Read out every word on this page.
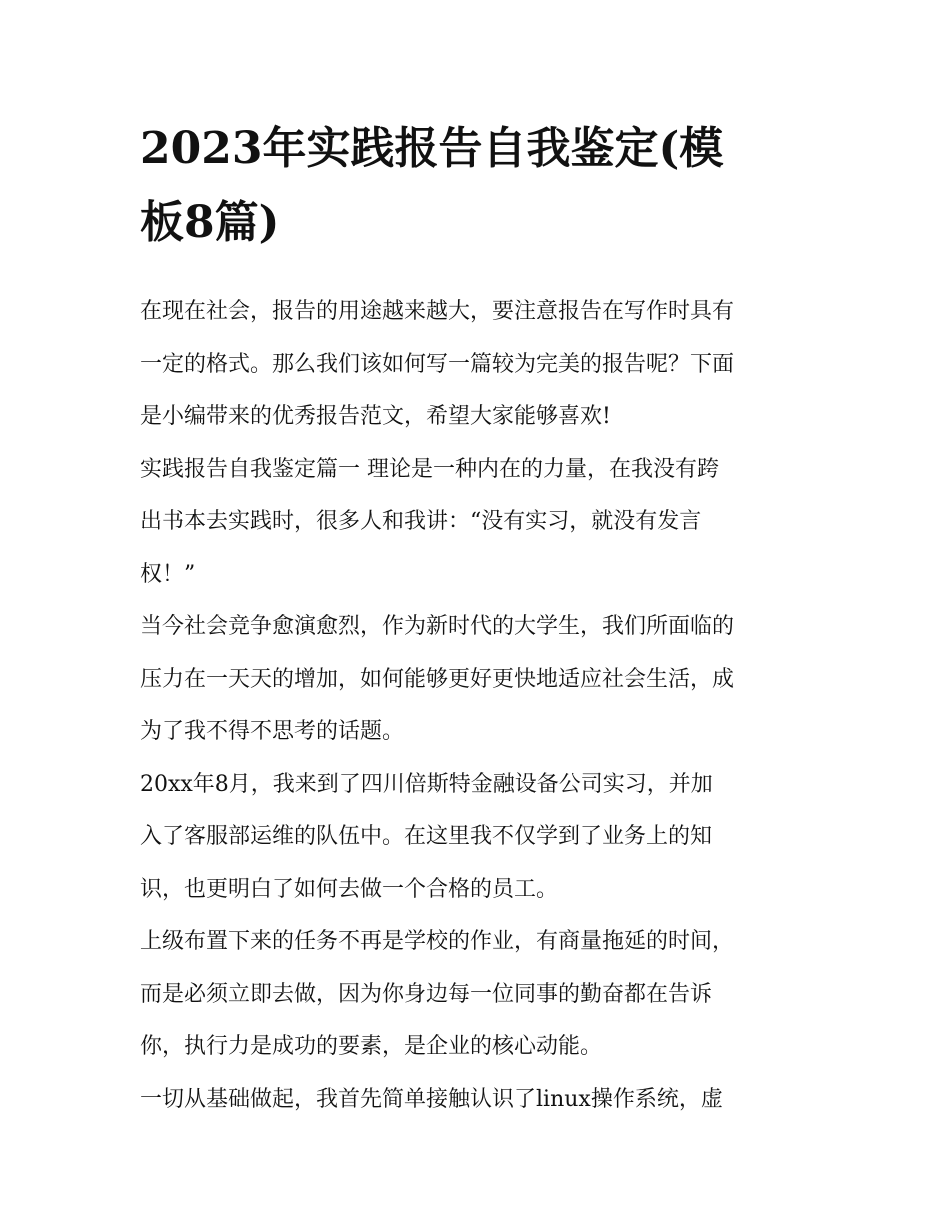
2023年实践报告自我鉴定(模
板8篇)

在现在社会，报告的用途越来越大，要注意报告在写作时具有
一定的格式。那么我们该如何写一篇较为完美的报告呢？下面
是小编带来的优秀报告范文，希望大家能够喜欢!

实践报告自我鉴定篇一 理论是一种内在的力量，在我没有跨
出书本去实践时，很多人和我讲：“没有实习，就没有发言
权！”

当今社会竞争愈演愈烈，作为新时代的大学生，我们所面临的
压力在一天天的增加，如何能够更好更快地适应社会生活，成
为了我不得不思考的话题。

20xx年8月，我来到了四川倍斯特金融设备公司实习，并加
入了客服部运维的队伍中。在这里我不仅学到了业务上的知
识，也更明白了如何去做一个合格的员工。

上级布置下来的任务不再是学校的作业，有商量拖延的时间，
而是必须立即去做，因为你身边每一位同事的勤奋都在告诉
你，执行力是成功的要素，是企业的核心动能。

一切从基础做起，我首先简单接触认识了linux操作系统，虚
